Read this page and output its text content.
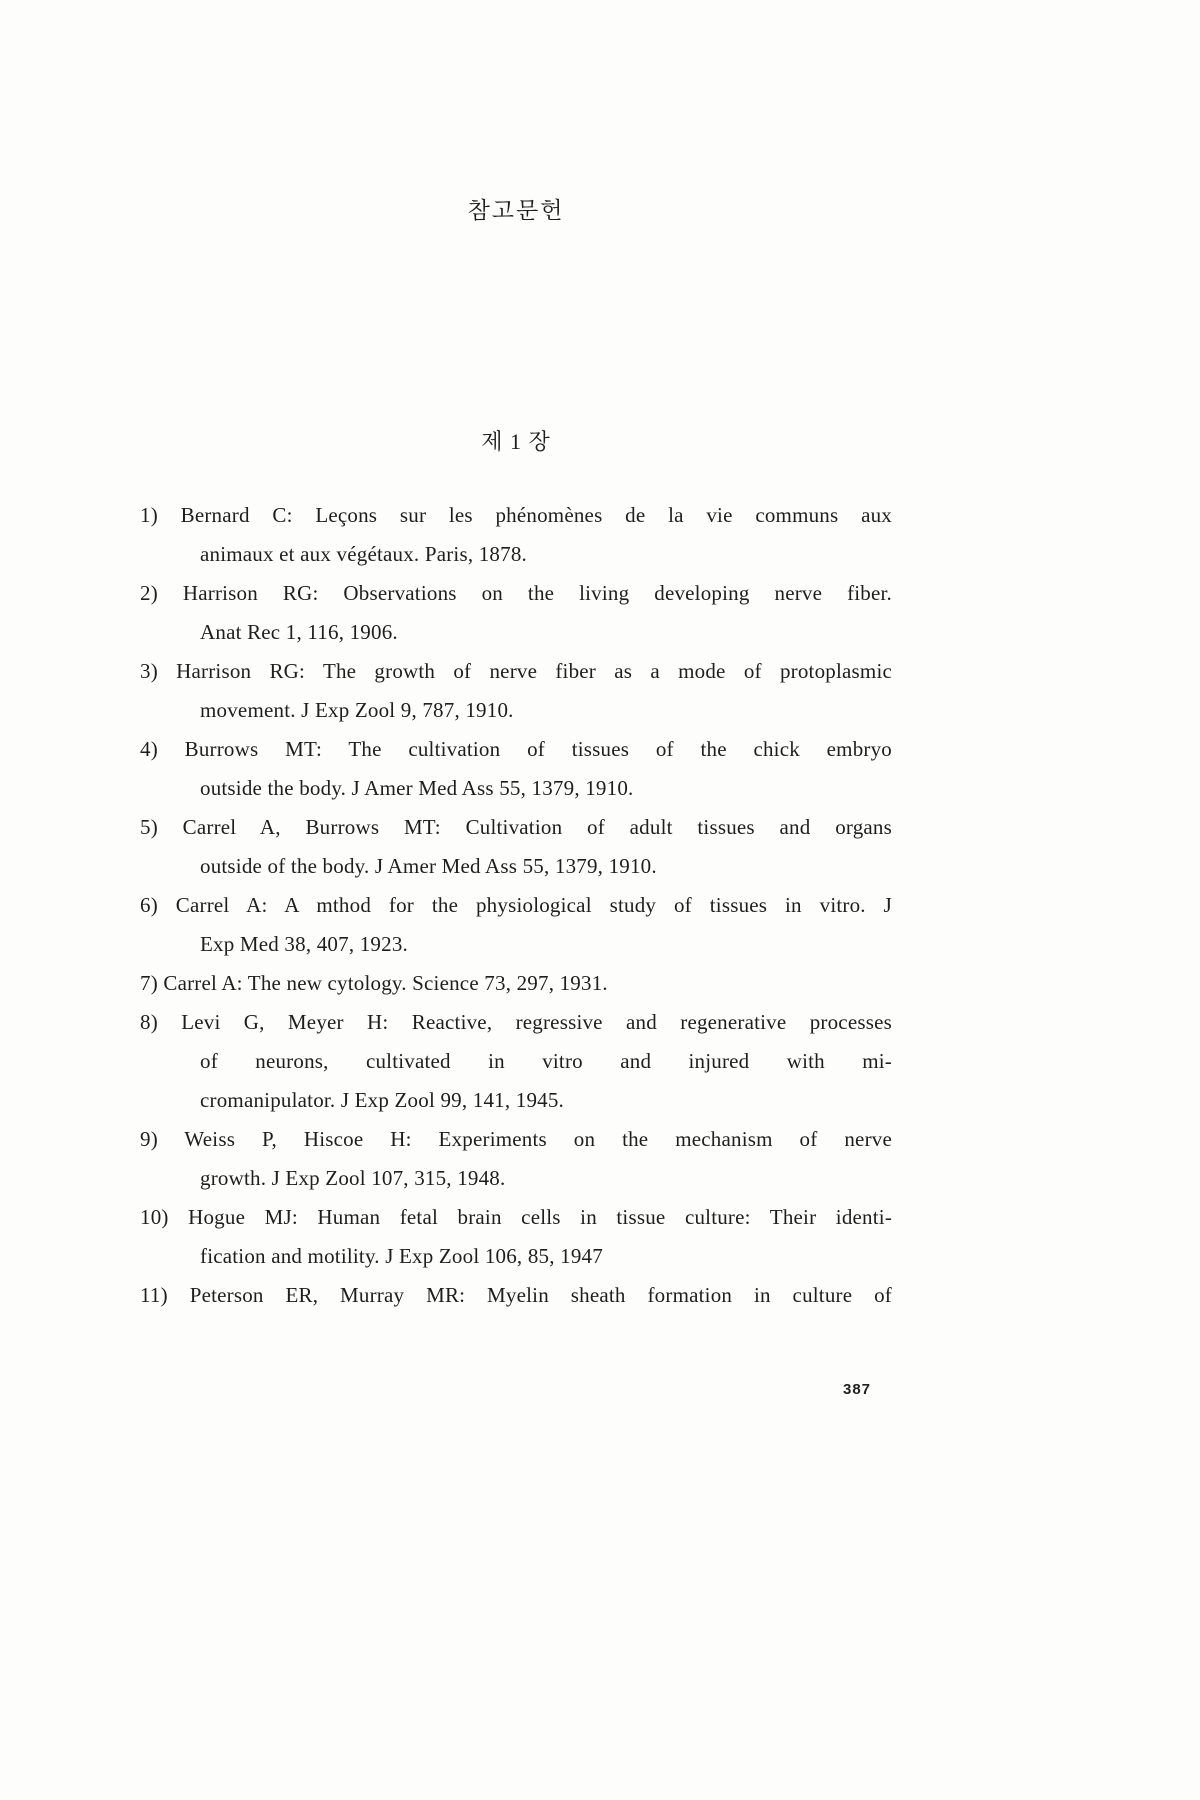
참고문헌
제 1 장
1) Bernard C: Leçons sur les phénomènes de la vie communs aux
animaux et aux végétaux. Paris, 1878.
2) Harrison RG: Observations on the living developing nerve fiber.
Anat Rec 1, 116, 1906.
3) Harrison RG: The growth of nerve fiber as a mode of protoplasmic
movement. J Exp Zool 9, 787, 1910.
4) Burrows MT: The cultivation of tissues of the chick embryo
outside the body. J Amer Med Ass 55, 1379, 1910.
5) Carrel A, Burrows MT: Cultivation of adult tissues and organs
outside of the body. J Amer Med Ass 55, 1379, 1910.
6) Carrel A: A mthod for the physiological study of tissues in vitro. J
Exp Med 38, 407, 1923.
7) Carrel A: The new cytology. Science 73, 297, 1931.
8) Levi G, Meyer H: Reactive, regressive and regenerative processes
of neurons, cultivated in vitro and injured with mi-
cromanipulator. J Exp Zool 99, 141, 1945.
9) Weiss P, Hiscoe H: Experiments on the mechanism of nerve
growth. J Exp Zool 107, 315, 1948.
10) Hogue MJ: Human fetal brain cells in tissue culture: Their identi-
fication and motility. J Exp Zool 106, 85, 1947
11) Peterson ER, Murray MR: Myelin sheath formation in culture of
387
